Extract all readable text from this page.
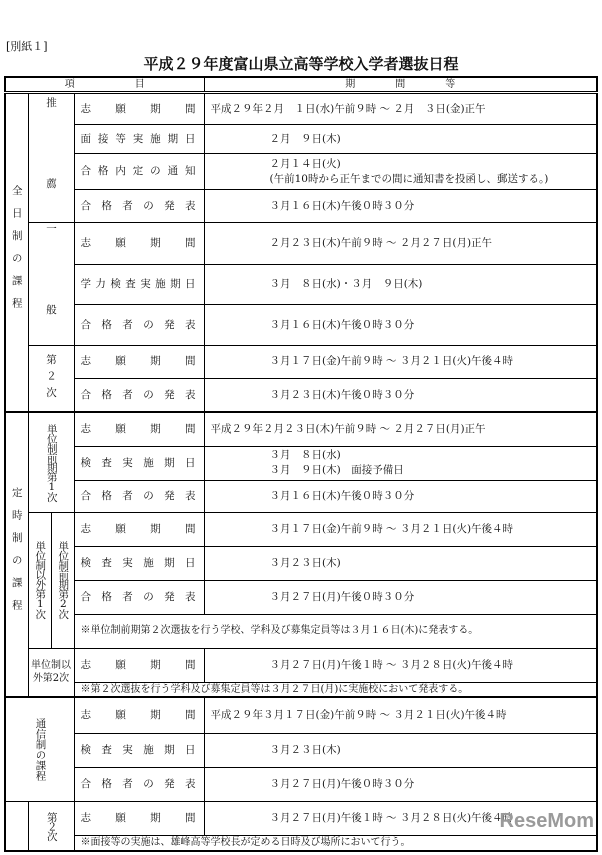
[別紙１]
平成２９年度富山県立高等学校入学者選抜日程
項　　　　　　目				期　　　　間　　　　等
全日制の課程	推　薦		志願期間	平成２９年２月　１日(水)午前９時 ～ ２月　３日(金)正午
			面接等実施期日	２月　９日(木)
			合格内定の通知	２月１４日(火)
(午前10時から正午までの間に通知書を投函し、郵送する。)

			合格者の発表	３月１６日(木)午後０時３０分
	一　般		志願期間	２月２３日(木)午前９時 ～ ２月２７日(月)正午
			学力検査実施期日	３月　８日(水)・３月　９日(木)
			合格者の発表	３月１６日(木)午後０時３０分
	第２次		志願期間	３月１７日(金)午前９時 ～ ３月２１日(火)午後４時
			合格者の発表	３月２３日(木)午後０時３０分
定時制の課程	単位制前期第1次		志願期間	平成２９年２月２３日(木)午前９時 ～ ２月２７日(月)正午
			検査実施期日	３月　８日(水)
３月　９日(木)　面接予備日

			合格者の発表	３月１６日(木)午後０時３０分
	単位制以外第1次	単位制前期第2次	志願期間	３月１７日(金)午前９時 ～ ３月２１日(火)午後４時
			検査実施期日	３月２３日(木)
			合格者の発表	３月２７日(月)午後０時３０分
			※単位制前期第２次選抜を行う学校、学科及び募集定員等は３月１６日(木)に発表する。	
	単位制以外第2次		志願期間	３月２７日(月)午後１時 ～ ３月２８日(火)午後４時
			※第２次選抜を行う学科及び募集定員等は３月２７日(月)に実施校において発表する。	
通信制の課程			志願期間	平成２９年３月１７日(金)午前９時 ～ ３月２１日(火)午後４時
			検査実施期日	３月２３日(木)
			合格者の発表	３月２７日(月)午後０時３０分
	第２次		志願期間	３月２７日(月)午後１時 ～ ３月２８日(火)午後４時
			※面接等の実施は、雄峰高等学校長が定める日時及び場所において行う。	
ReseMom
